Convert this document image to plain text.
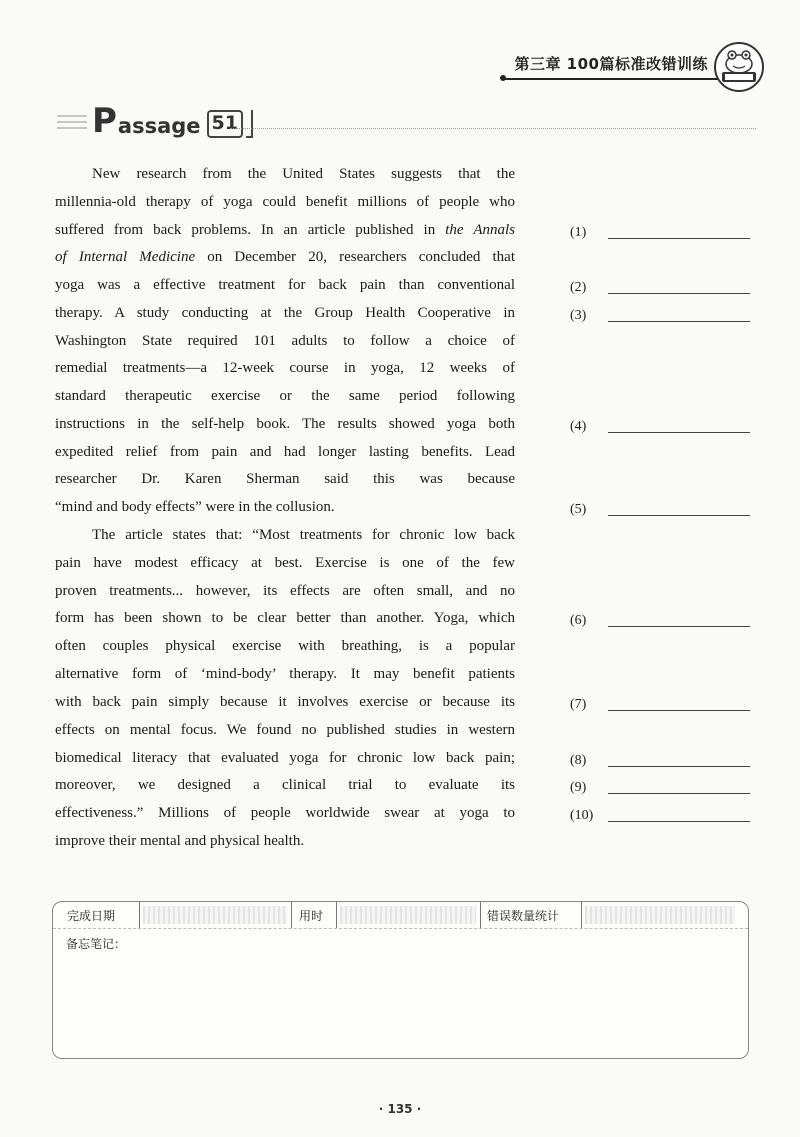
第三章 100篇标准改错训练
P assage 51
New research from the United States suggests that the
millennia-old therapy of yoga could benefit millions of people who
suffered from back problems. In an article published in the Annals
of Internal Medicine on December 20, researchers concluded that
yoga was a effective treatment for back pain than conventional
therapy. A study conducting at the Group Health Cooperative in
Washington State required 101 adults to follow a choice of
remedial treatments—a 12-week course in yoga, 12 weeks of
standard therapeutic exercise or the same period following
instructions in the self-help book. The results showed yoga both
expedited relief from pain and had longer lasting benefits. Lead
researcher Dr. Karen Sherman said this was because
“mind and body effects” were in the collusion.
The article states that: “Most treatments for chronic low back
pain have modest efficacy at best. Exercise is one of the few
proven treatments... however, its effects are often small, and no
form has been shown to be clear better than another. Yoga, which
often couples physical exercise with breathing, is a popular
alternative form of ‘mind-body’ therapy. It may benefit patients
with back pain simply because it involves exercise or because its
effects on mental focus. We found no published studies in western
biomedical literacy that evaluated yoga for chronic low back pain;
moreover, we designed a clinical trial to evaluate its
effectiveness.” Millions of people worldwide swear at yoga to
improve their mental and physical health.
(1)
(2)
(3)
(4)
(5)
(6)
(7)
(8)
(9)
(10)
完成日期	用时	错误数量统计
备忘笔记：
· 135 ·
